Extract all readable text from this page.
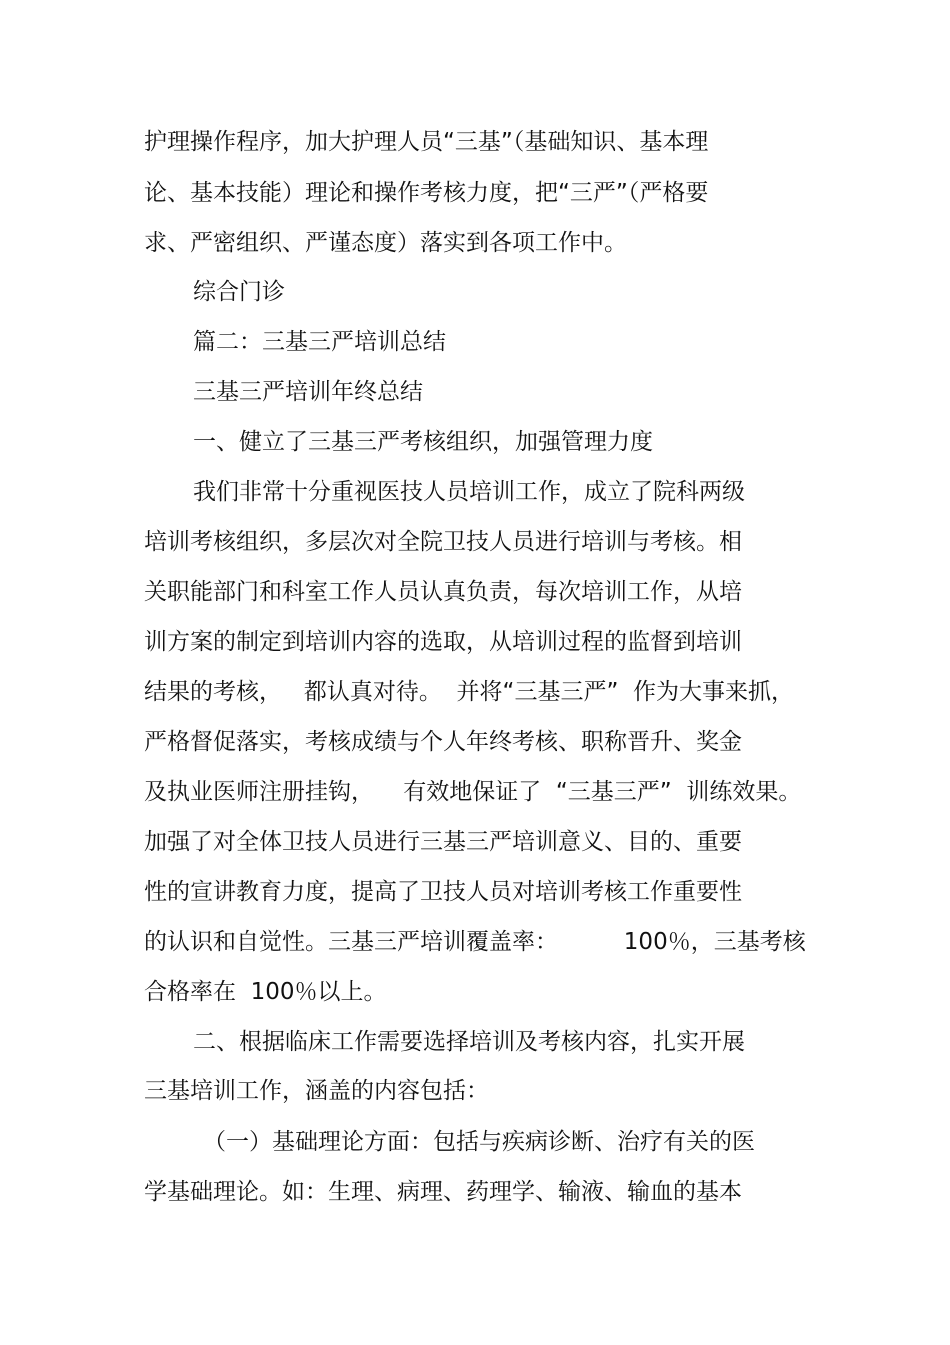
护理操作程序，加大护理人员“三基”（基础知识、基本理
论、基本技能）理论和操作考核力度，把“三严”（严格要
求、严密组织、严谨态度）落实到各项工作中。
综合门诊
篇二：三基三严培训总结
三基三严培训年终总结
一、健立了三基三严考核组织，加强管理力度
我们非常十分重视医技人员培训工作，成立了院科两级
培训考核组织，多层次对全院卫技人员进行培训与考核。相
关职能部门和科室工作人员认真负责，每次培训工作，从培
训方案的制定到培训内容的选取，从培训过程的监督到培训
结果的考核，   都认真对待。  并将“三基三严”  作为大事来抓，
严格督促落实，考核成绩与个人年终考核、职称晋升、奖金
及执业医师注册挂钩，    有效地保证了  “三基三严”  训练效果。
加强了对全体卫技人员进行三基三严培训意义、目的、重要
性的宣讲教育力度，提高了卫技人员对培训考核工作重要性
的认识和自觉性。三基三严培训覆盖率：         100％，三基考核
合格率在  100％以上。
二、根据临床工作需要选择培训及考核内容，扎实开展
三基培训工作，涵盖的内容包括：
（一）基础理论方面：包括与疾病诊断、治疗有关的医
学基础理论。如：生理、病理、药理学、输液、输血的基本
